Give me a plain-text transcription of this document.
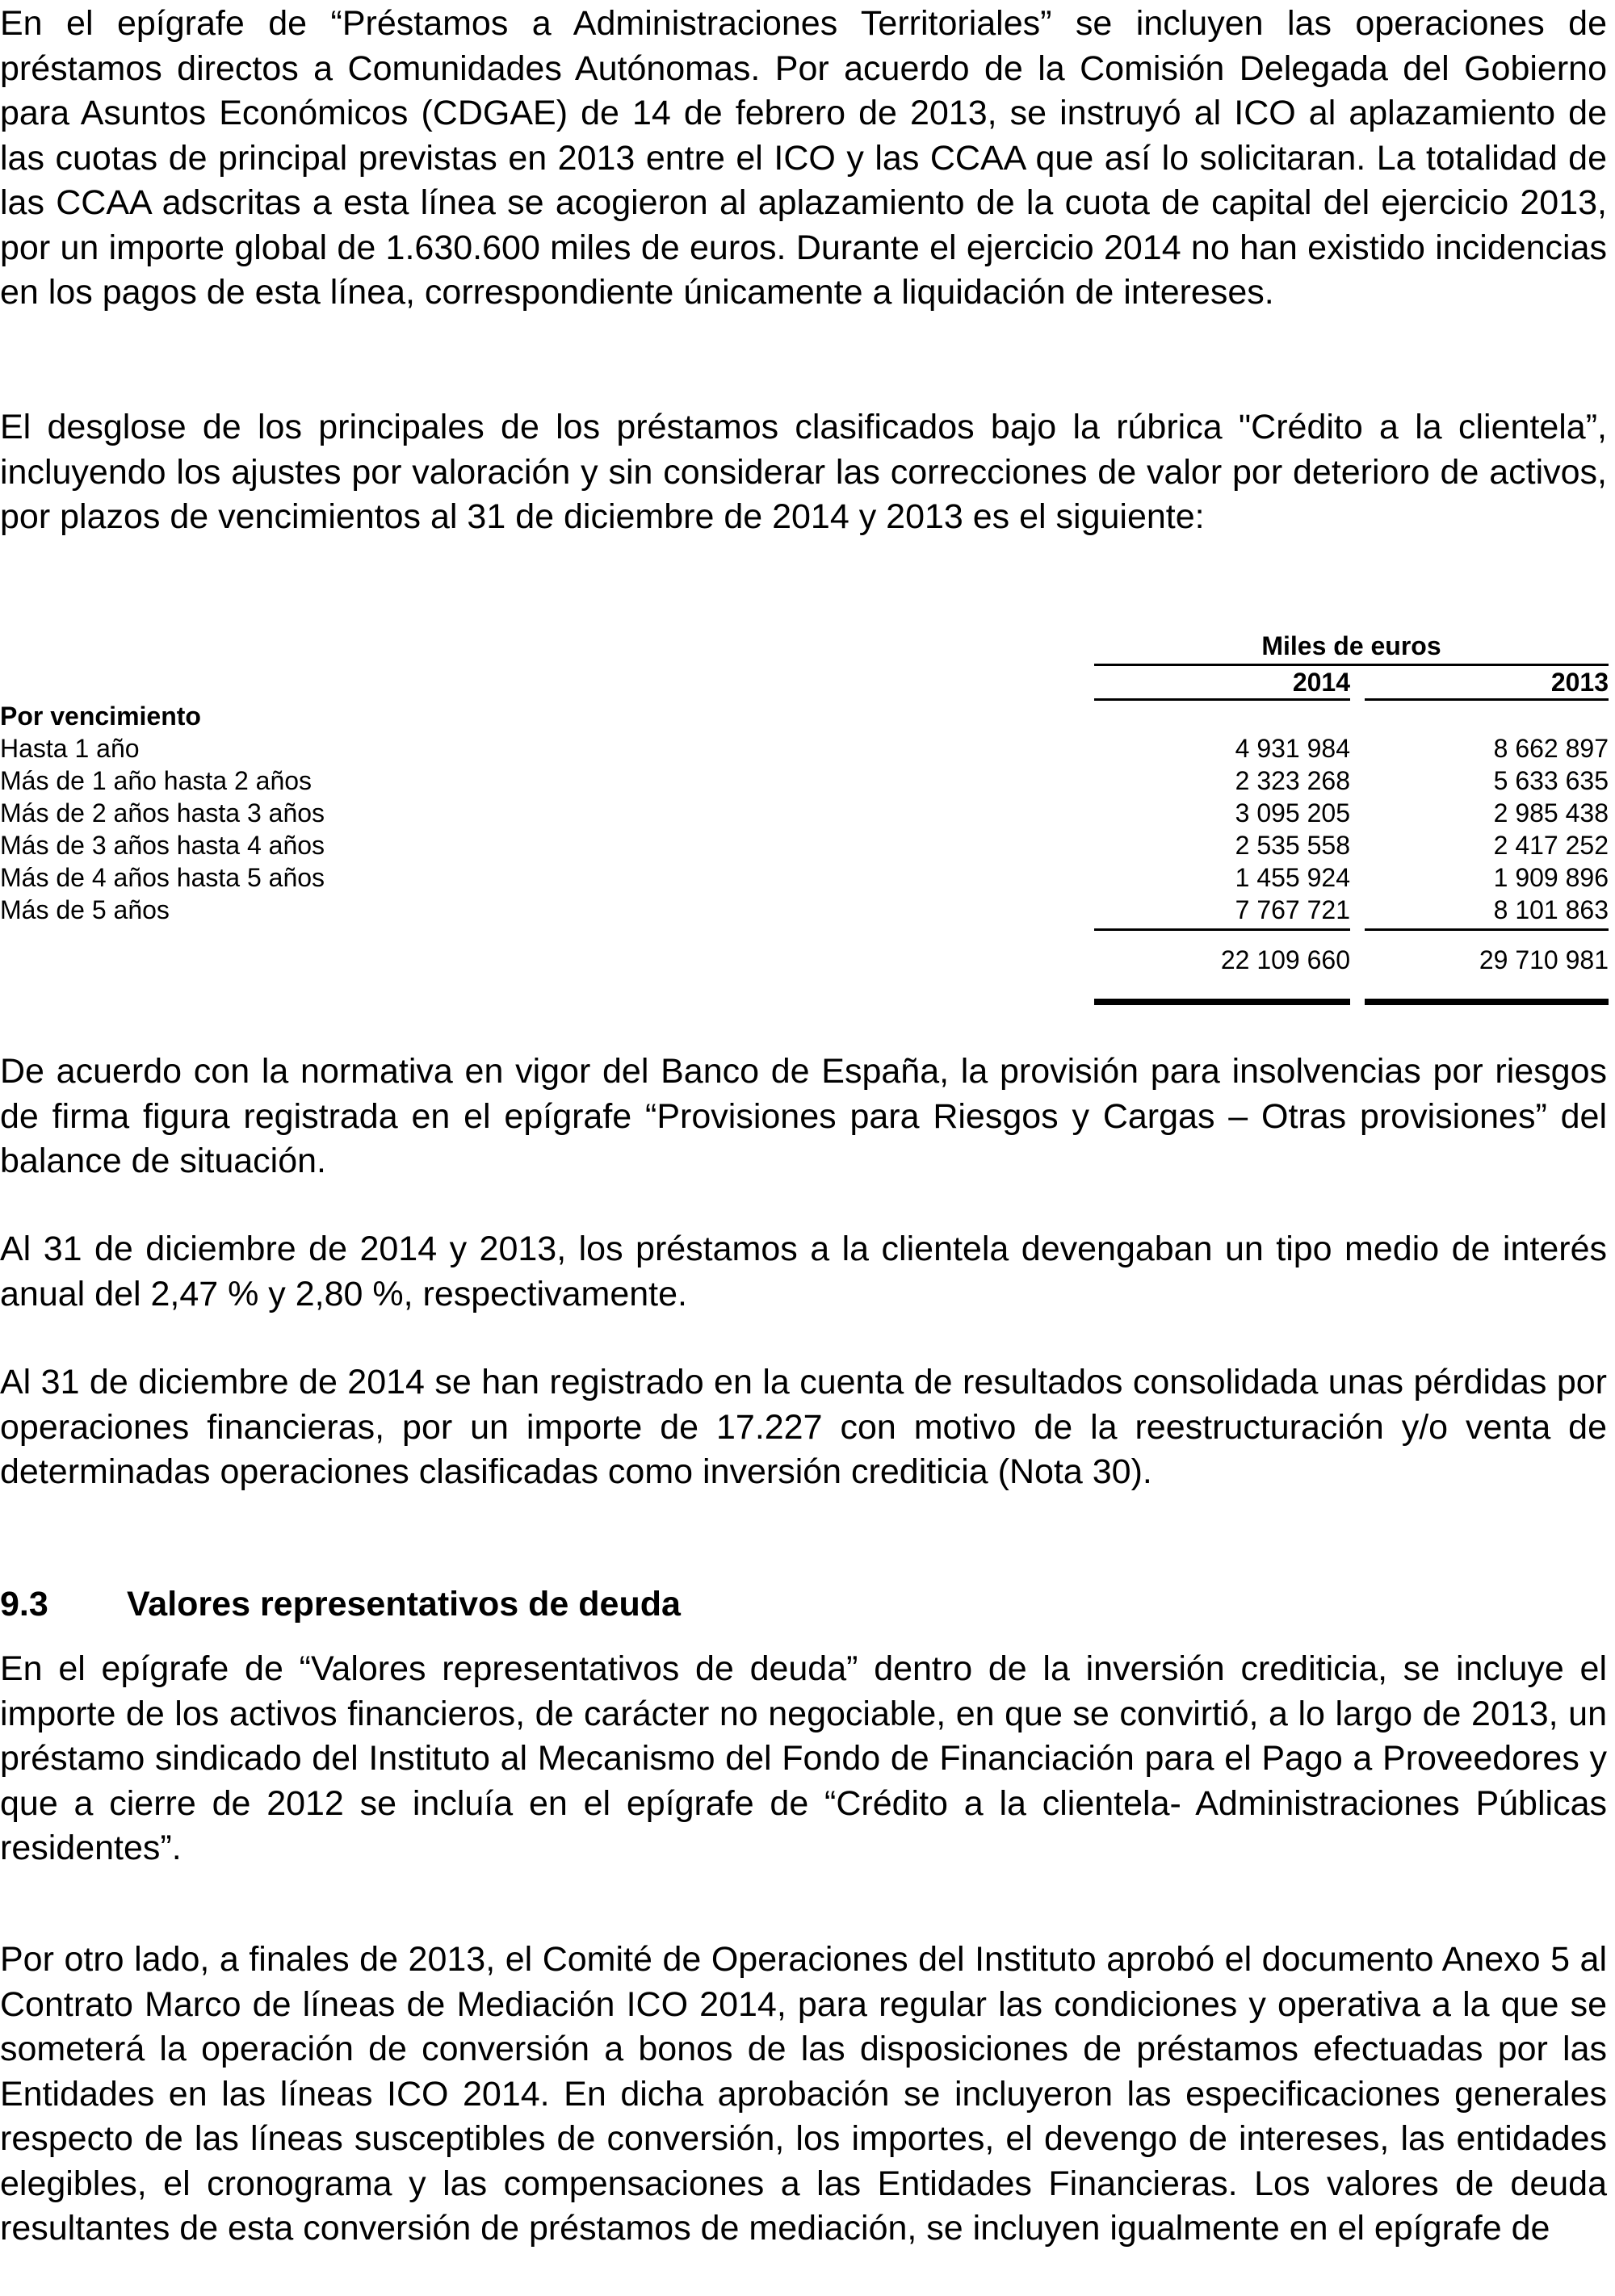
En el epígrafe de “Préstamos a Administraciones Territoriales” se incluyen las operaciones de préstamos directos a Comunidades Autónomas. Por acuerdo de la Comisión Delegada del Gobierno para Asuntos Económicos (CDGAE) de 14 de febrero de 2013, se instruyó al ICO al aplazamiento de las cuotas de principal previstas en 2013 entre el ICO y las CCAA que así lo solicitaran. La totalidad de las CCAA adscritas a esta línea se acogieron al aplazamiento de la cuota de capital del ejercicio 2013, por un importe global de 1.630.600 miles de euros. Durante el ejercicio 2014 no han existido incidencias en los pagos de esta línea, correspondiente únicamente a liquidación de intereses.

El desglose de los principales de los préstamos clasificados bajo la rúbrica "Crédito a la clientela”, incluyendo los ajustes por valoración y sin considerar las correcciones de valor por deterioro de activos, por plazos de vencimientos al 31 de diciembre de 2014 y 2013 es el siguiente:

Miles de euros
2014	2013
Por vencimiento
Hasta 1 año	4 931 984	8 662 897
Más de 1 año hasta 2 años	2 323 268	5 633 635
Más de 2 años hasta 3 años	3 095 205	2 985 438
Más de 3 años hasta 4 años	2 535 558	2 417 252
Más de 4 años hasta 5 años	1 455 924	1 909 896
Más de 5 años	7 767 721	8 101 863
22 109 660	29 710 981

De acuerdo con la normativa en vigor del Banco de España, la provisión para insolvencias por riesgos de firma figura registrada en el epígrafe “Provisiones para Riesgos y Cargas – Otras provisiones” del balance de situación.

Al 31 de diciembre de 2014 y 2013, los préstamos a la clientela devengaban un tipo medio de interés anual del 2,47 % y 2,80 %, respectivamente.

Al 31 de diciembre de 2014 se han registrado en la cuenta de resultados consolidada unas pérdidas por operaciones financieras, por un importe de 17.227 con motivo de la reestructuración y/o venta de determinadas operaciones clasificadas como inversión crediticia (Nota 30).

9.3 Valores representativos de deuda

En el epígrafe de “Valores representativos de deuda” dentro de la inversión crediticia, se incluye el importe de los activos financieros, de carácter no negociable, en que se convirtió, a lo largo de 2013, un préstamo sindicado del Instituto al Mecanismo del Fondo de Financiación para el Pago a Proveedores y que a cierre de 2012 se incluía en el epígrafe de “Crédito a la clientela- Administraciones Públicas residentes”.

Por otro lado, a finales de 2013, el Comité de Operaciones del Instituto aprobó el documento Anexo 5 al Contrato Marco de líneas de Mediación ICO 2014, para regular las condiciones y operativa a la que se someterá la operación de conversión a bonos de las disposiciones de préstamos efectuadas por las Entidades en las líneas ICO 2014. En dicha aprobación se incluyeron las especificaciones generales respecto de las líneas susceptibles de conversión, los importes, el devengo de intereses, las entidades elegibles, el cronograma y las compensaciones a las Entidades Financieras. Los valores de deuda resultantes de esta conversión de préstamos de mediación, se incluyen igualmente en el epígrafe de
